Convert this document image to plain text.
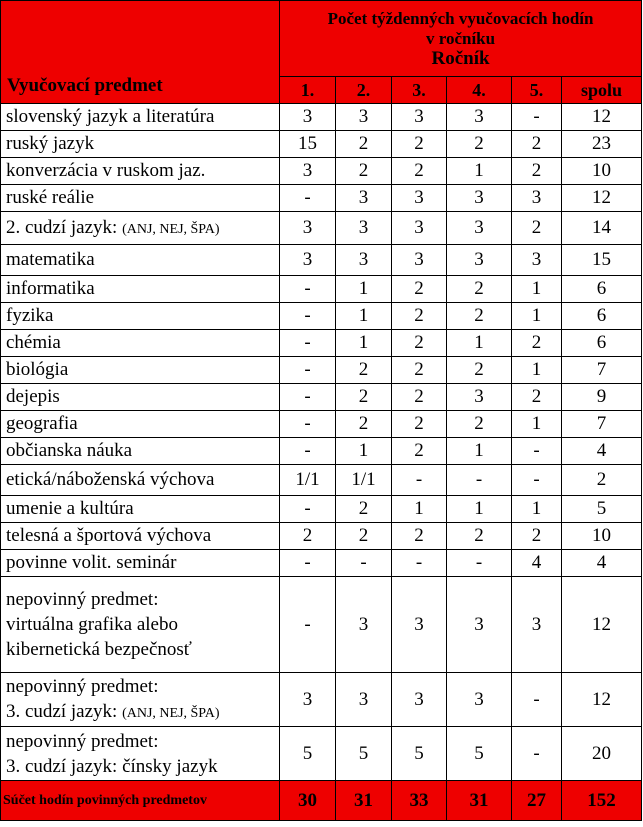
Vyučovací predmet	Počet týždenných vyučovacích hodín
v ročníku
Ročník					

	1.	2.	3.	4.	5.	spolu
slovenský jazyk a literatúra	3	3	3	3	-	12
ruský jazyk	15	2	2	2	2	23
konverzácia v ruskom jaz.	3	2	2	1	2	10
ruské reálie	-	3	3	3	3	12
2. cudzí jazyk: (ANJ, NEJ, ŠPA)	3	3	3	3	2	14
matematika	3	3	3	3	3	15
informatika	-	1	2	2	1	6
fyzika	-	1	2	2	1	6
chémia	-	1	2	1	2	6
biológia	-	2	2	2	1	7
dejepis	-	2	2	3	2	9
geografia	-	2	2	2	1	7
občianska náuka	-	1	2	1	-	4
etická/náboženská výchova	1/1	1/1	-	-	-	2
umenie a kultúra	-	2	1	1	1	5
telesná a športová výchova	2	2	2	2	2	10
povinne volit. seminár	-	-	-	-	4	4

nepovinný predmet:
virtuálna grafika alebo
kibernetická bezpečnosť	-	3	3	3	3	12

nepovinný predmet:
3. cudzí jazyk: (ANJ, NEJ, ŠPA)	3	3	3	3	-	12

nepovinný predmet:
3. cudzí jazyk: čínsky jazyk	5	5	5	5	-	20
Súčet hodín povinných predmetov	30	31	33	31	27	152
